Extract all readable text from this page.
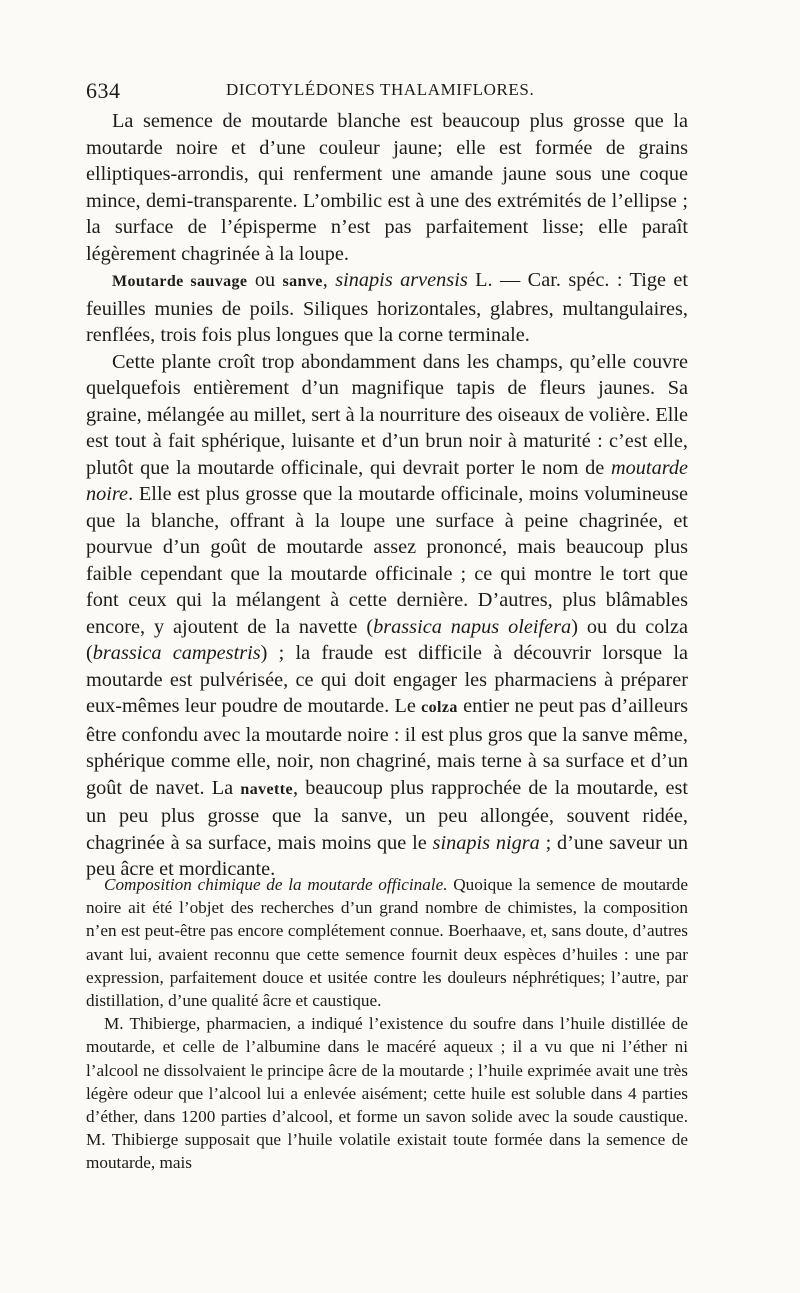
634	DICOTYLÉDONES THALAMIFLORES.

La semence de moutarde blanche est beaucoup plus grosse que la moutarde noire et d’une couleur jaune; elle est formée de grains elliptiques-arrondis, qui renferment une amande jaune sous une coque mince, demi-transparente. L’ombilic est à une des extrémités de l’ellipse ; la surface de l’épisperme n’est pas parfaitement lisse; elle paraît légèrement chagrinée à la loupe.

Moutarde sauvage ou sanve, sinapis arvensis L. — Car. spéc. : Tige et feuilles munies de poils. Siliques horizontales, glabres, multangulaires, renflées, trois fois plus longues que la corne terminale.

Cette plante croît trop abondamment dans les champs, qu’elle couvre quelquefois entièrement d’un magnifique tapis de fleurs jaunes. Sa graine, mélangée au millet, sert à la nourriture des oiseaux de volière. Elle est tout à fait sphérique, luisante et d’un brun noir à maturité : c’est elle, plutôt que la moutarde officinale, qui devrait porter le nom de moutarde noire. Elle est plus grosse que la moutarde officinale, moins volumineuse que la blanche, offrant à la loupe une surface à peine chagrinée, et pourvue d’un goût de moutarde assez prononcé, mais beaucoup plus faible cependant que la moutarde officinale ; ce qui montre le tort que font ceux qui la mélangent à cette dernière. D’autres, plus blâmables encore, y ajoutent de la navette (brassica napus oleifera) ou du colza (brassica campestris) ; la fraude est difficile à découvrir lorsque la moutarde est pulvérisée, ce qui doit engager les pharmaciens à préparer eux-mêmes leur poudre de moutarde. Le colza entier ne peut pas d’ailleurs être confondu avec la moutarde noire : il est plus gros que la sanve même, sphérique comme elle, noir, non chagriné, mais terne à sa surface et d’un goût de navet. La navette, beaucoup plus rapprochée de la moutarde, est un peu plus grosse que la sanve, un peu allongée, souvent ridée, chagrinée à sa surface, mais moins que le sinapis nigra ; d’une saveur un peu âcre et mordicante.

Composition chimique de la moutarde officinale. Quoique la semence de moutarde noire ait été l’objet des recherches d’un grand nombre de chimistes, la composition n’en est peut-être pas encore complétement connue. Boerhaave, et, sans doute, d’autres avant lui, avaient reconnu que cette semence fournit deux espèces d’huiles : une par expression, parfaitement douce et usitée contre les douleurs néphrétiques; l’autre, par distillation, d’une qualité âcre et caustique.

M. Thibierge, pharmacien, a indiqué l’existence du soufre dans l’huile distillée de moutarde, et celle de l’albumine dans le macéré aqueux ; il a vu que ni l’éther ni l’alcool ne dissolvaient le principe âcre de la moutarde ; l’huile exprimée avait une très légère odeur que l’alcool lui a enlevée aisément; cette huile est soluble dans 4 parties d’éther, dans 1200 parties d’alcool, et forme un savon solide avec la soude caustique. M. Thibierge supposait que l’huile volatile existait toute formée dans la semence de moutarde, mais
